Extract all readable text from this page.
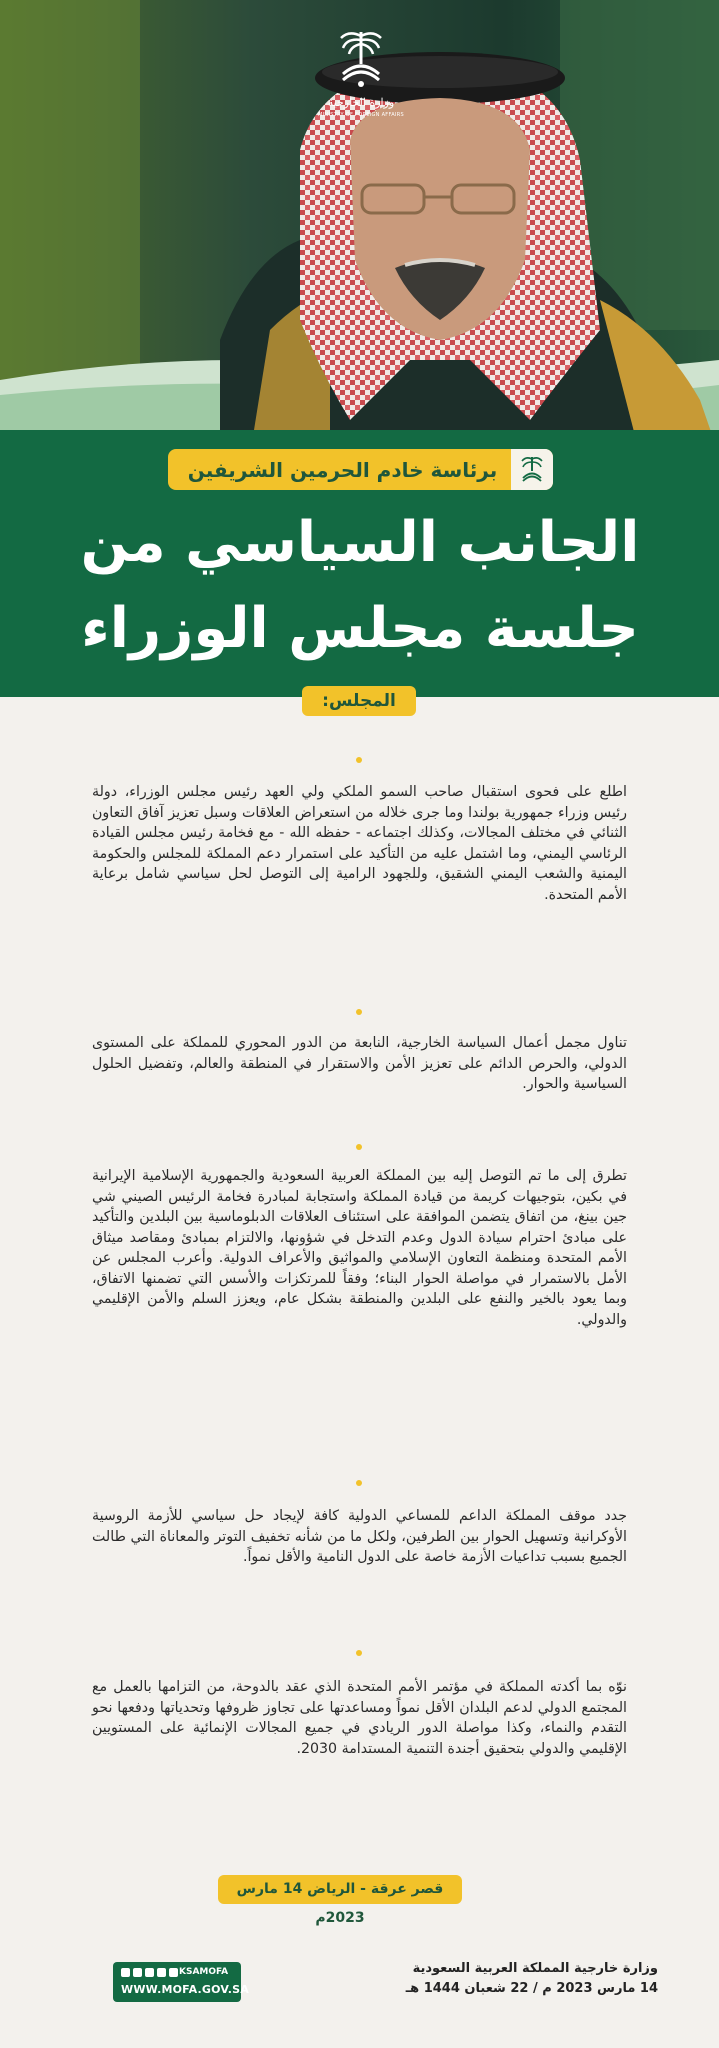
وزارة الخارجية
MINISTRY OF FOREIGN AFFAIRS
برئاسة خادم الحرمين الشريفين
الجانب السياسي من
جلسة مجلس الوزراء
المجلس:

اطلع على فحوى استقبال صاحب السمو الملكي ولي العهد رئيس مجلس الوزراء، دولة رئيس وزراء جمهورية بولندا وما جرى خلاله من استعراض العلاقات وسبل تعزيز آفاق التعاون الثنائي في مختلف المجالات، وكذلك اجتماعه - حفظه الله - مع فخامة رئيس مجلس القيادة الرئاسي اليمني، وما اشتمل عليه من التأكيد على استمرار دعم المملكة للمجلس والحكومة اليمنية والشعب اليمني الشقيق، وللجهود الرامية إلى التوصل لحل سياسي شامل برعاية الأمم المتحدة.

تناول مجمل أعمال السياسة الخارجية، النابعة من الدور المحوري للمملكة على المستوى الدولي، والحرص الدائم على تعزيز الأمن والاستقرار في المنطقة والعالم، وتفضيل الحلول السياسية والحوار.

تطرق إلى ما تم التوصل إليه بين المملكة العربية السعودية والجمهورية الإسلامية الإيرانية في بكين، بتوجيهات كريمة من قيادة المملكة واستجابة لمبادرة فخامة الرئيس الصيني شي جين بينغ، من اتفاق يتضمن الموافقة على استئناف العلاقات الدبلوماسية بين البلدين والتأكيد على مبادئ احترام سيادة الدول وعدم التدخل في شؤونها، والالتزام بمبادئ ومقاصد ميثاق الأمم المتحدة ومنظمة التعاون الإسلامي والمواثيق والأعراف الدولية. وأعرب المجلس عن الأمل بالاستمرار في مواصلة الحوار البناء؛ وفقاً للمرتكزات والأسس التي تضمنها الاتفاق، وبما يعود بالخير والنفع على البلدين والمنطقة بشكل عام، ويعزز السلم والأمن الإقليمي والدولي.

جدد موقف المملكة الداعم للمساعي الدولية كافة لإيجاد حل سياسي للأزمة الروسية الأوكرانية وتسهيل الحوار بين الطرفين، ولكل ما من شأنه تخفيف التوتر والمعاناة التي طالت الجميع بسبب تداعيات الأزمة خاصة على الدول النامية والأقل نمواً.

نوّه بما أكدته المملكة في مؤتمر الأمم المتحدة الذي عقد بالدوحة، من التزامها بالعمل مع المجتمع الدولي لدعم البلدان الأقل نمواً ومساعدتها على تجاوز ظروفها وتحدياتها ودفعها نحو التقدم والنماء، وكذا مواصلة الدور الريادي في جميع المجالات الإنمائية على المستويين الإقليمي والدولي بتحقيق أجندة التنمية المستدامة 2030.

قصر عرقة - الرياض 14 مارس 2023م
KSAMOFA
WWW.MOFA.GOV.SA
وزارة خارجية المملكة العربية السعودية
14 مارس 2023 م / 22 شعبان 1444 هـ
